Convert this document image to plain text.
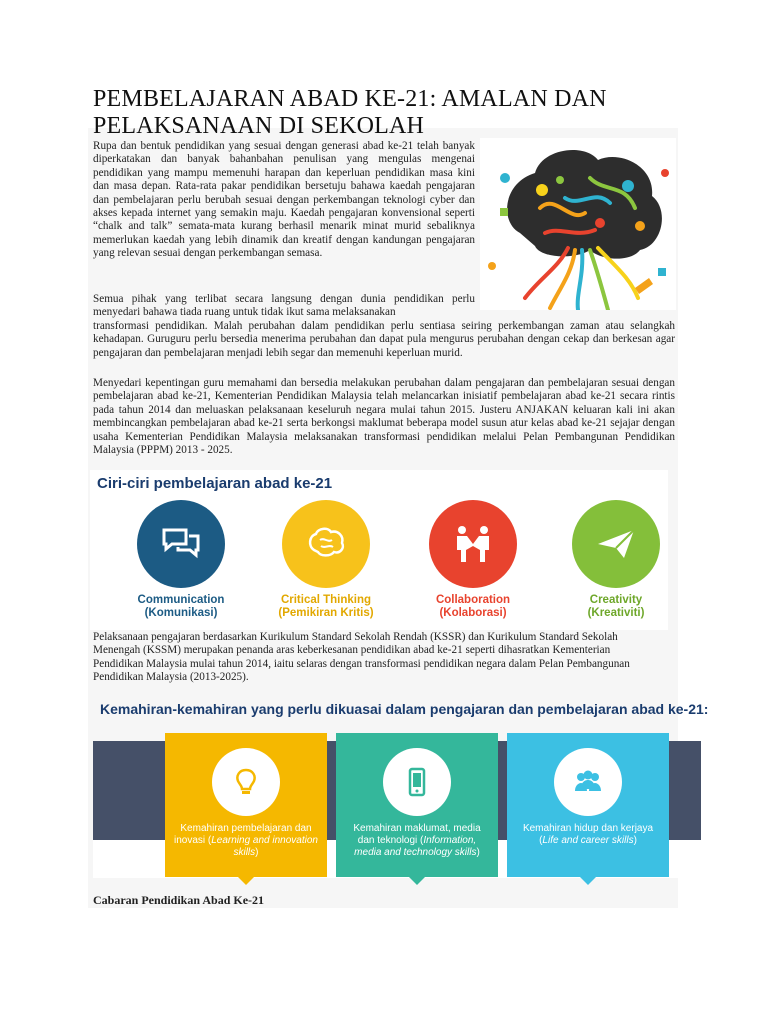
PEMBELAJARAN ABAD KE-21: AMALAN DAN PELAKSANAAN DI SEKOLAH

Rupa dan bentuk pendidikan yang sesuai dengan generasi abad ke-21 telah banyak diperkatakan dan banyak bahanbahan penulisan yang mengulas mengenai pendidikan yang mampu memenuhi harapan dan keperluan pendidikan masa kini dan masa depan. Rata-rata pakar pendidikan bersetuju bahawa kaedah pengajaran dan pembelajaran perlu berubah sesuai dengan perkembangan teknologi cyber dan akses kepada internet yang semakin maju. Kaedah pengajaran konvensional seperti “chalk and talk” semata-mata kurang berhasil menarik minat murid sebaliknya memerlukan kaedah yang lebih dinamik dan kreatif dengan kandungan pengajaran yang relevan sesuai dengan perkembangan semasa.

Semua pihak yang terlibat secara langsung dengan dunia pendidikan perlu menyedari bahawa tiada ruang untuk tidak ikut sama melaksanakan
transformasi pendidikan. Malah perubahan dalam pendidikan perlu sentiasa seiring perkembangan zaman atau selangkah kehadapan. Guruguru perlu bersedia menerima perubahan dan dapat pula mengurus perubahan dengan cekap dan berkesan agar pengajaran dan pembelajaran menjadi lebih segar dan memenuhi keperluan murid.

Menyedari kepentingan guru memahami dan bersedia melakukan perubahan dalam pengajaran dan pembelajaran sesuai dengan pembelajaran abad ke-21, Kementerian Pendidikan Malaysia telah melancarkan inisiatif pembelajaran abad ke-21 secara rintis pada tahun 2014 dan meluaskan pelaksanaan keseluruh negara mulai tahun 2015. Justeru ANJAKAN keluaran kali ini akan membincangkan pembelajaran abad ke-21 serta berkongsi maklumat beberapa model susun atur kelas abad ke-21 sejajar dengan usaha Kementerian Pendidikan Malaysia melaksanakan transformasi pendidikan melalui Pelan Pembangunan Pendidikan Malaysia (PPPM) 2013 - 2025.

Ciri-ciri pembelajaran abad ke-21
Communication
(Komunikasi)
Critical Thinking
(Pemikiran Kritis)
Collaboration
(Kolaborasi)
Creativity
(Kreativiti)

Pelaksanaan pengajaran berdasarkan Kurikulum Standard Sekolah Rendah (KSSR) dan Kurikulum Standard Sekolah Menengah (KSSM) merupakan penanda aras keberkesanan pendidikan abad ke-21 seperti dihasratkan Kementerian Pendidikan Malaysia mulai tahun 2014, iaitu selaras dengan transformasi pendidikan negara dalam Pelan Pembangunan Pendidikan Malaysia (2013-2025).

Kemahiran-kemahiran yang perlu dikuasai dalam pengajaran dan pembelajaran abad ke-21:
Kemahiran pembelajaran dan inovasi (Learning and innovation skills)
Kemahiran maklumat, media dan teknologi (Information, media and technology skills)
Kemahiran hidup dan kerjaya (Life and career skills)
Cabaran Pendidikan Abad Ke-21
